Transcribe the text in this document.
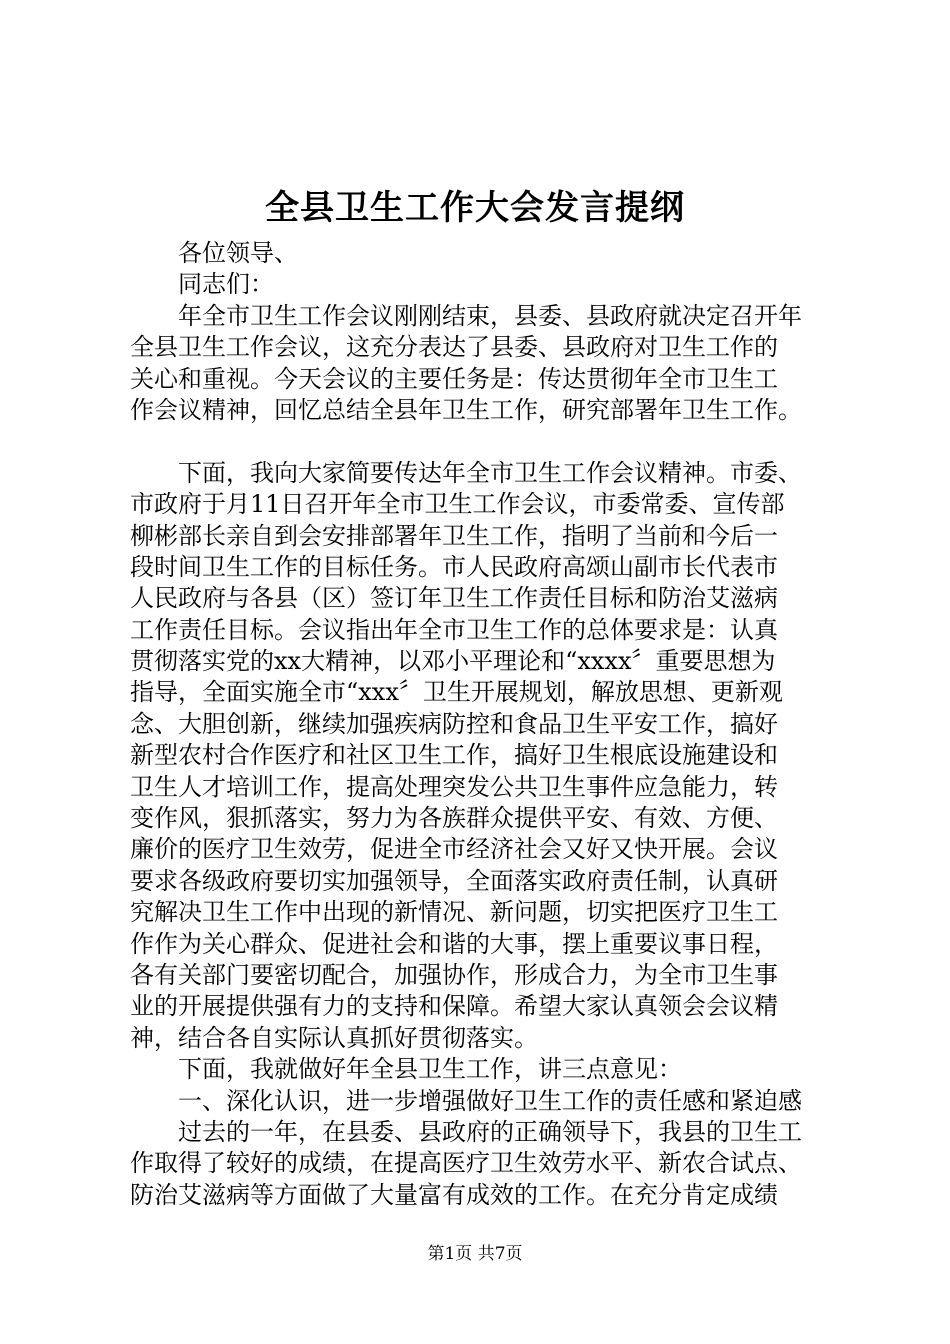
全县卫生工作大会发言提纲
各位领导、
同志们：
年全市卫生工作会议刚刚结束，县委、县政府就决定召开年
全县卫生工作会议，这充分表达了县委、县政府对卫生工作的
关心和重视。今天会议的主要任务是：传达贯彻年全市卫生工
作会议精神，回忆总结全县年卫生工作，研究部署年卫生工作。
下面，我向大家简要传达年全市卫生工作会议精神。市委、
市政府于月11日召开年全市卫生工作会议，市委常委、宣传部
柳彬部长亲自到会安排部署年卫生工作，指明了当前和今后一
段时间卫生工作的目标任务。市人民政府高颂山副市长代表市
人民政府与各县（区）签订年卫生工作责任目标和防治艾滋病
工作责任目标。会议指出年全市卫生工作的总体要求是：认真
贯彻落实党的xx大精神，以邓小平理论和“xxxx〞重要思想为
指导，全面实施全市“xxx〞卫生开展规划，解放思想、更新观
念、大胆创新，继续加强疾病防控和食品卫生平安工作，搞好
新型农村合作医疗和社区卫生工作，搞好卫生根底设施建设和
卫生人才培训工作，提高处理突发公共卫生事件应急能力，转
变作风，狠抓落实，努力为各族群众提供平安、有效、方便、
廉价的医疗卫生效劳，促进全市经济社会又好又快开展。会议
要求各级政府要切实加强领导，全面落实政府责任制，认真研
究解决卫生工作中出现的新情况、新问题，切实把医疗卫生工
作作为关心群众、促进社会和谐的大事，摆上重要议事日程，
各有关部门要密切配合，加强协作，形成合力，为全市卫生事
业的开展提供强有力的支持和保障。希望大家认真领会会议精
神，结合各自实际认真抓好贯彻落实。
下面，我就做好年全县卫生工作，讲三点意见：
一、深化认识，进一步增强做好卫生工作的责任感和紧迫感
过去的一年，在县委、县政府的正确领导下，我县的卫生工
作取得了较好的成绩，在提高医疗卫生效劳水平、新农合试点、
防治艾滋病等方面做了大量富有成效的工作。在充分肯定成绩
第1页 共7页
